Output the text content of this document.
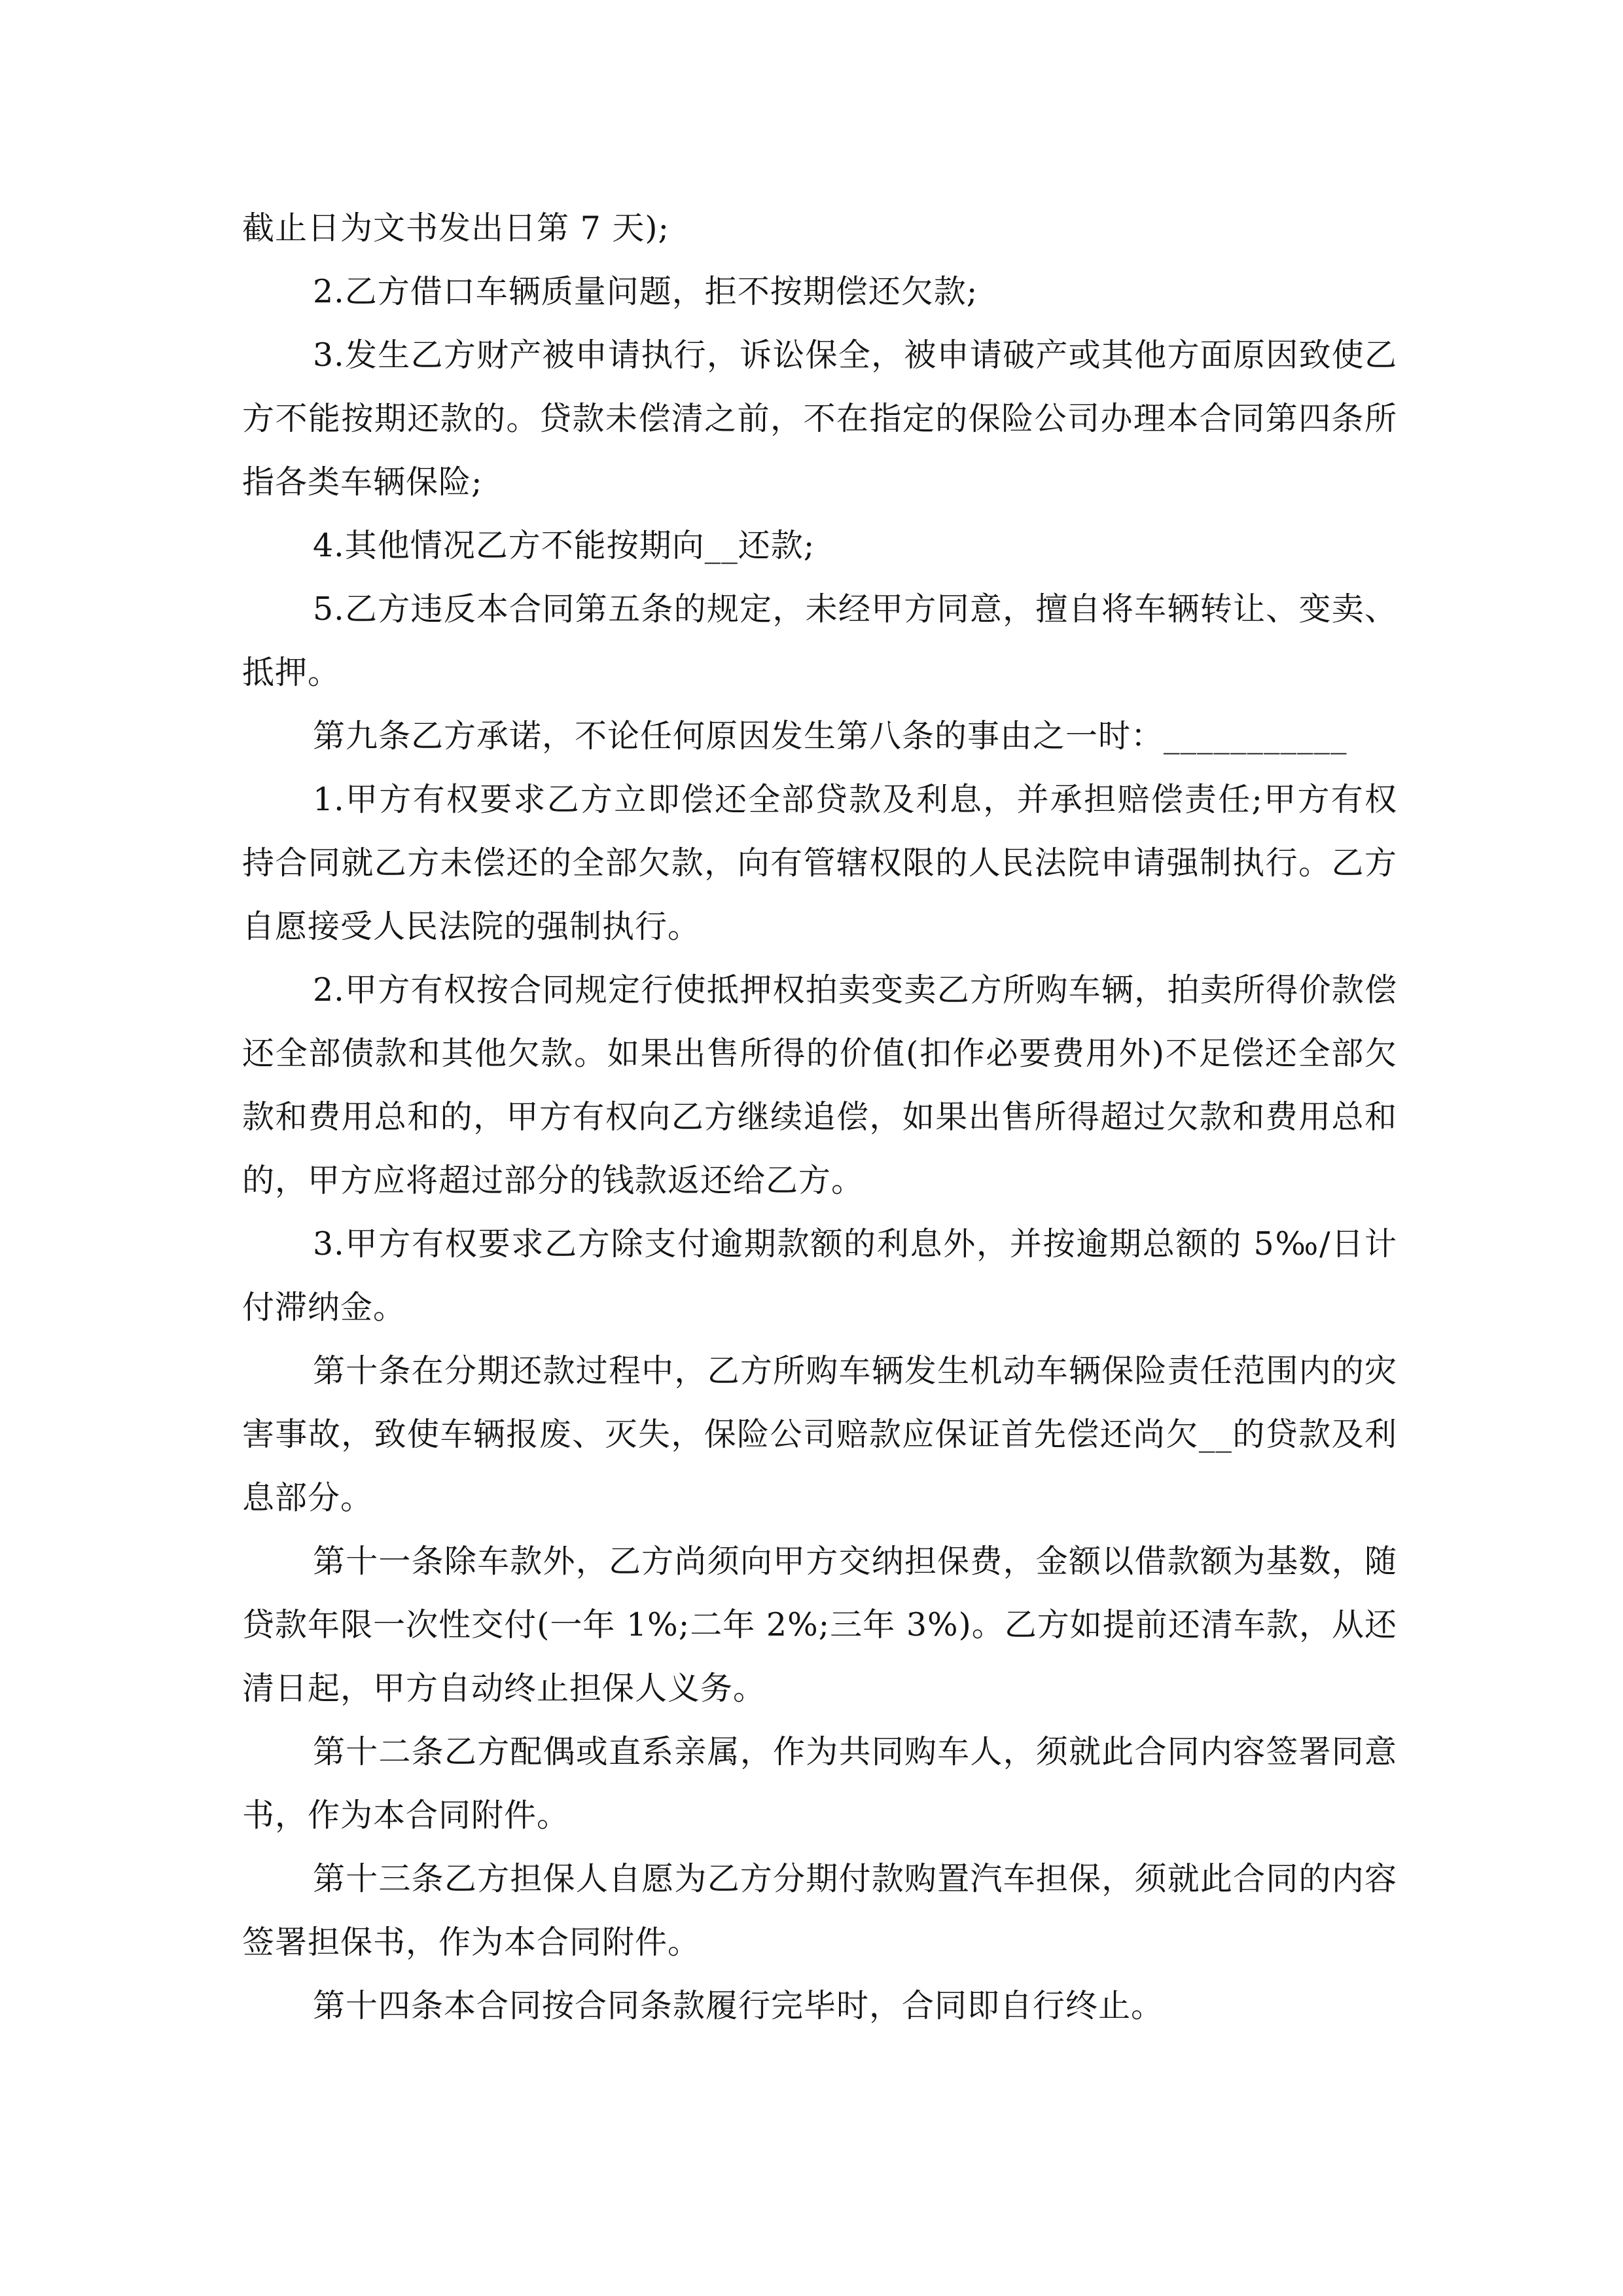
截止日为文书发出日第 7 天);

2.乙方借口车辆质量问题，拒不按期偿还欠款;

3.发生乙方财产被申请执行，诉讼保全，被申请破产或其他方面原因致使乙方不能按期还款的。贷款未偿清之前，不在指定的保险公司办理本合同第四条所指各类车辆保险;

4.其他情况乙方不能按期向__还款;

5.乙方违反本合同第五条的规定，未经甲方同意，擅自将车辆转让、变卖、抵押。

第九条乙方承诺，不论任何原因发生第八条的事由之一时：___________

1.甲方有权要求乙方立即偿还全部贷款及利息，并承担赔偿责任;甲方有权持合同就乙方未偿还的全部欠款，向有管辖权限的人民法院申请强制执行。乙方自愿接受人民法院的强制执行。

2.甲方有权按合同规定行使抵押权拍卖变卖乙方所购车辆，拍卖所得价款偿还全部债款和其他欠款。如果出售所得的价值(扣作必要费用外)不足偿还全部欠款和费用总和的，甲方有权向乙方继续追偿，如果出售所得超过欠款和费用总和的，甲方应将超过部分的钱款返还给乙方。

3.甲方有权要求乙方除支付逾期款额的利息外，并按逾期总额的 5‰/日计付滞纳金。

第十条在分期还款过程中，乙方所购车辆发生机动车辆保险责任范围内的灾害事故，致使车辆报废、灭失，保险公司赔款应保证首先偿还尚欠__的贷款及利息部分。

第十一条除车款外，乙方尚须向甲方交纳担保费，金额以借款额为基数，随贷款年限一次性交付(一年 1%;二年 2%;三年 3%)。乙方如提前还清车款，从还清日起，甲方自动终止担保人义务。

第十二条乙方配偶或直系亲属，作为共同购车人，须就此合同内容签署同意书，作为本合同附件。

第十三条乙方担保人自愿为乙方分期付款购置汽车担保，须就此合同的内容签署担保书，作为本合同附件。

第十四条本合同按合同条款履行完毕时，合同即自行终止。
